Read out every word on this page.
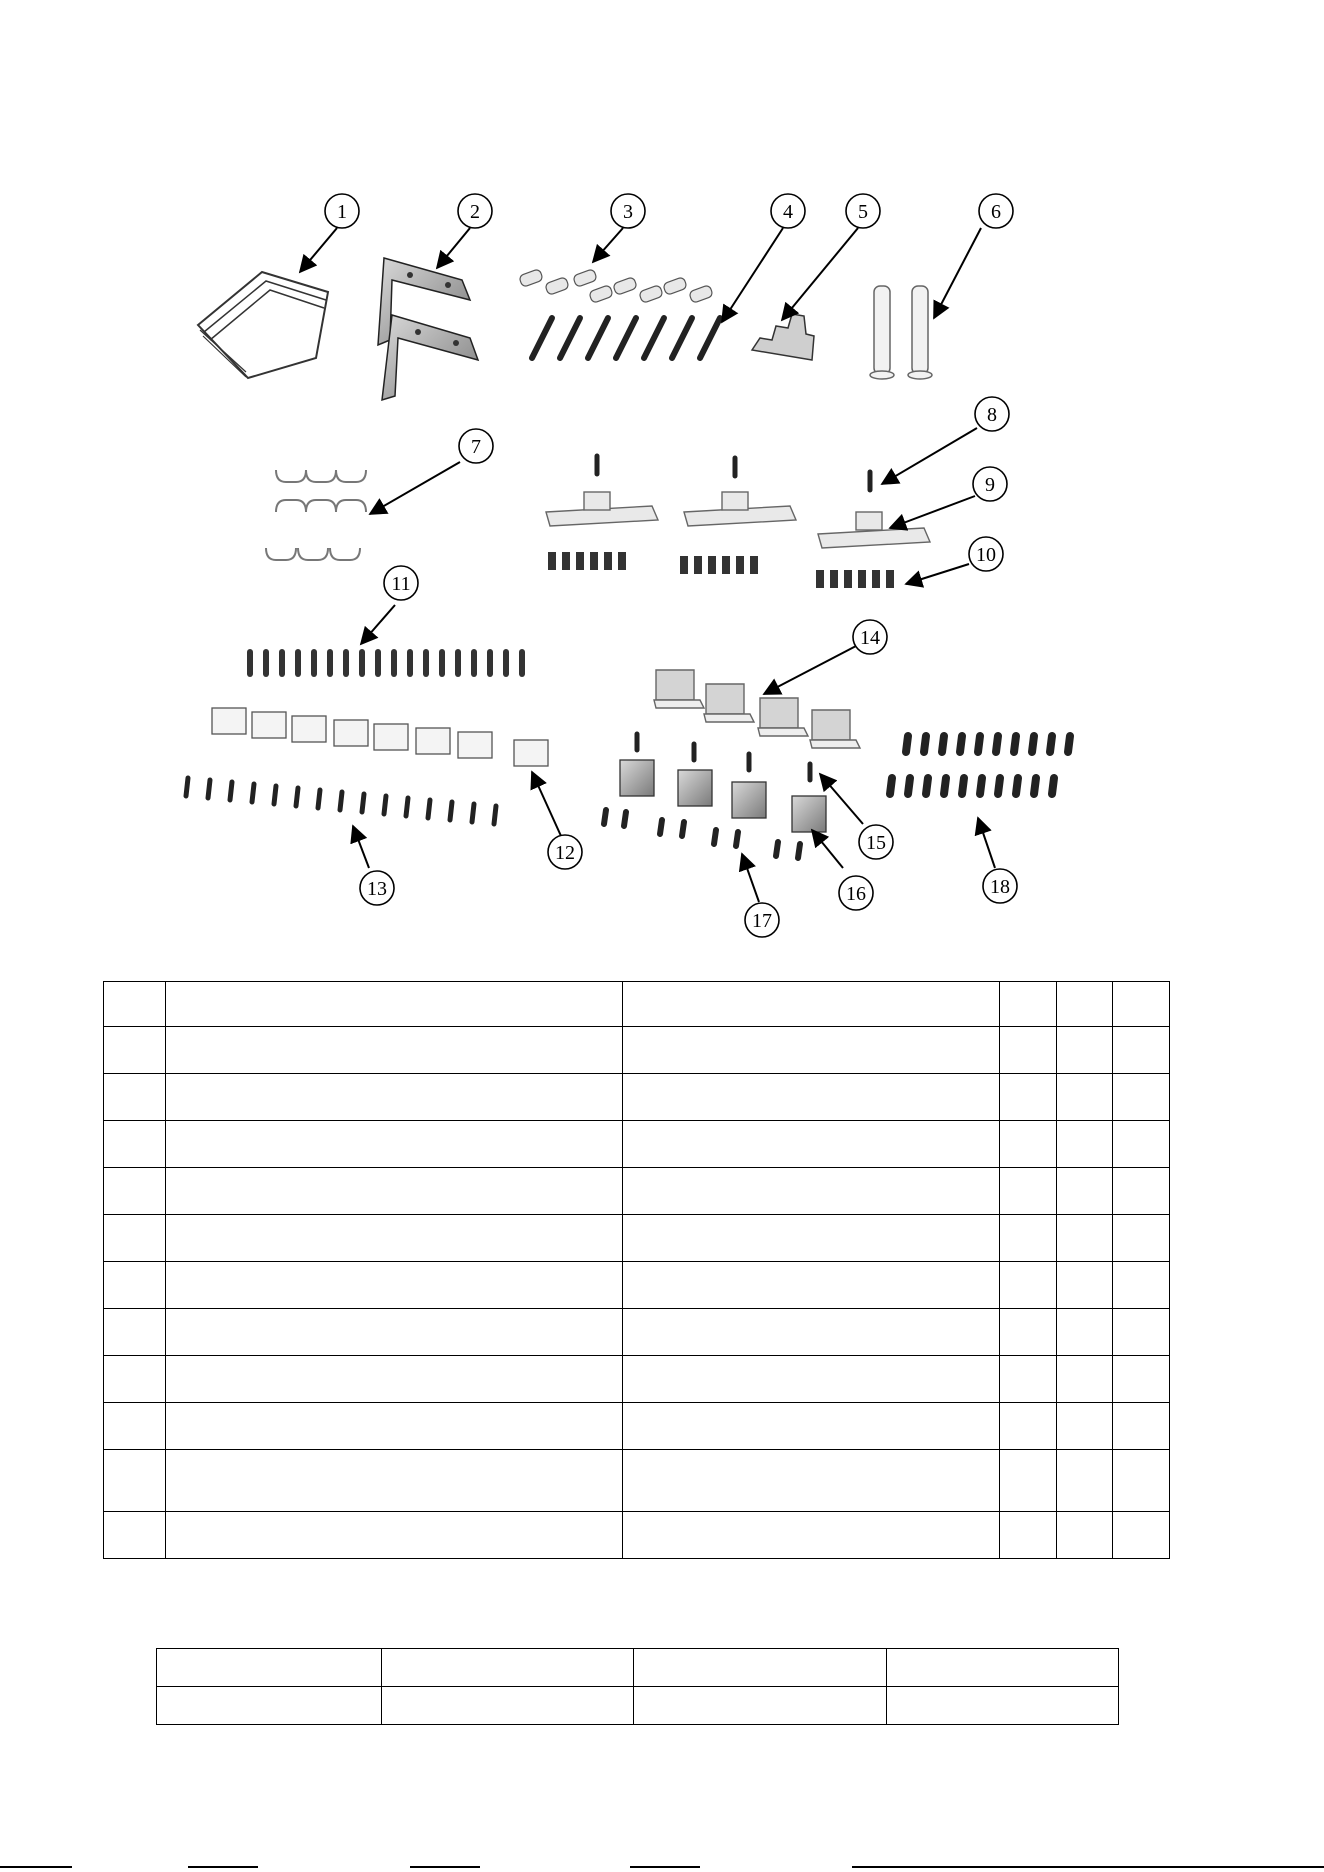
1	2	3	4	5	6
7
8
9
10
11
12
13
14
15
16
17
18
